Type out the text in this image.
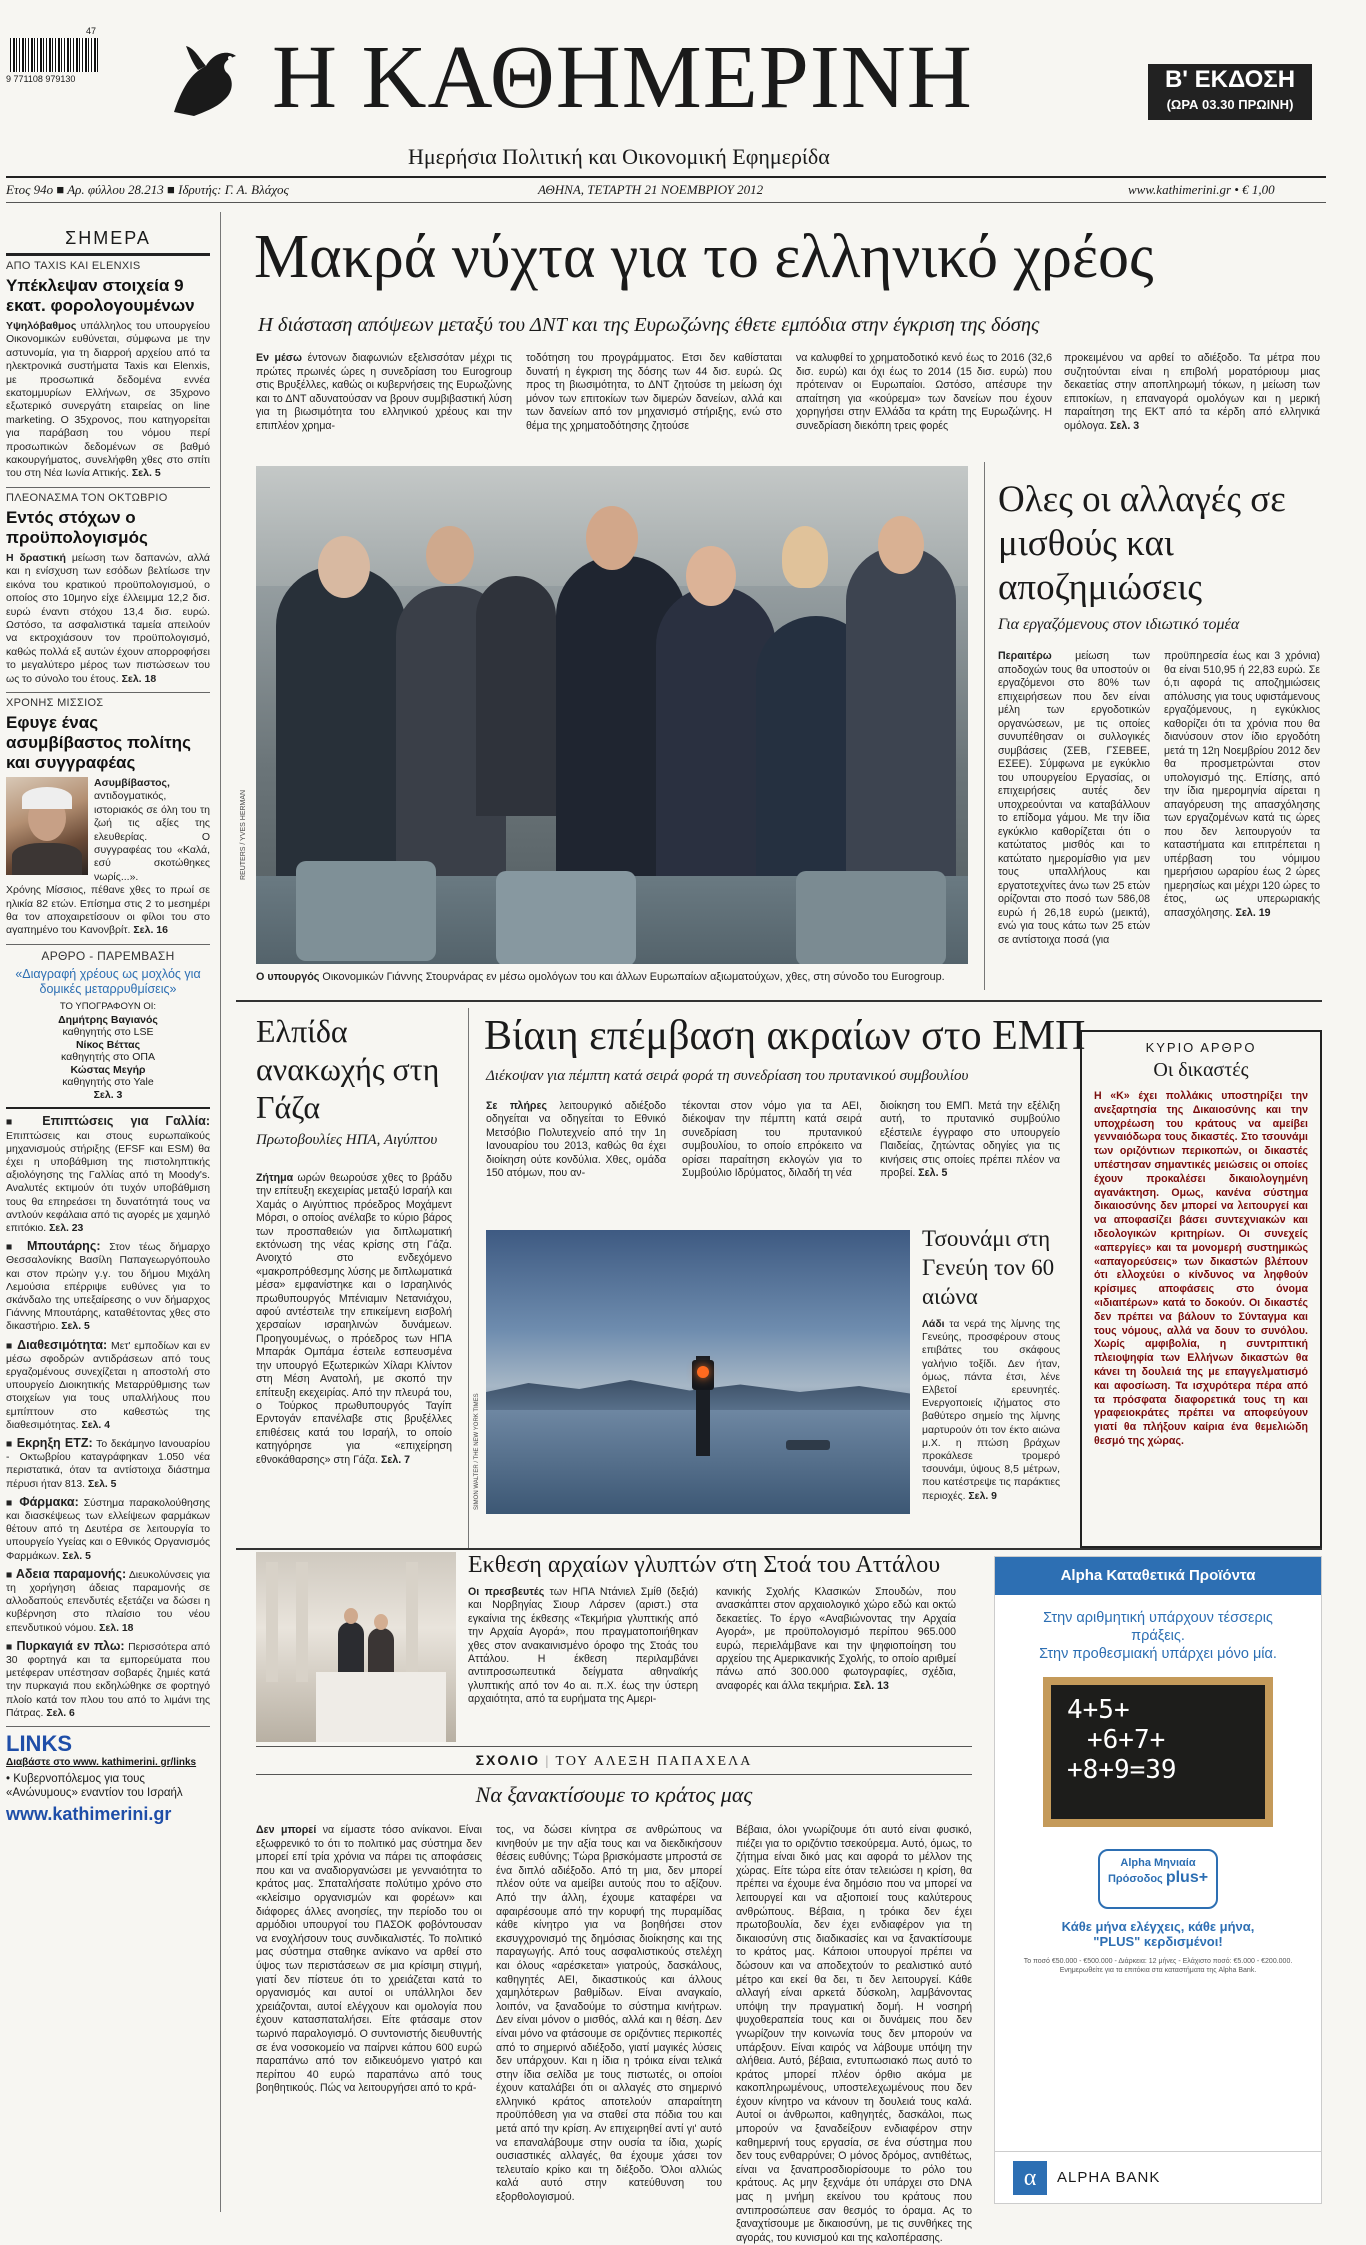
47
9 771108 979130 Η ΚΑΘΗΜΕΡΙΝΗ
Ημερήσια Πολιτική και Οικονομική Εφημερίδα
Β' ΕΚΔΟΣΗ
(ΩΡΑ 03.30 ΠΡΩΙΝΗ)
Ετος 94ο ■ Αρ. φύλλου 28.213 ■ Ιδρυτής: Γ. Α. Βλάχος	ΑΘΗΝΑ, ΤΕΤΑΡΤΗ 21 ΝΟΕΜΒΡΙΟΥ 2012	www.kathimerini.gr • € 1,00
ΣΗΜΕΡΑ
ΑΠΟ TAXIS ΚΑΙ ELENXIS
Υπέκλεψαν στοιχεία 9 εκατ. φορολογουμένων
Υψηλόβαθμος υπάλληλος του υπουργείου Οικονομικών ευθύνεται, σύμφωνα με την αστυνομία, για τη διαρροή αρχείου από τα ηλεκτρονικά συστήματα Taxis και Elenxis, με προσωπικά δεδομένα εννέα εκατομμυρίων Ελλήνων, σε 35χρονο εξωτερικό συνεργάτη εταιρείας on line marketing. Ο 35χρονος, που κατηγορείται για παράβαση του νόμου περί προσωπικών δεδομένων σε βαθμό κακουργήματος, συνελήφθη χθες στο σπίτι του στη Νέα Ιωνία Αττικής. Σελ. 5
ΠΛΕΟΝΑΣΜΑ ΤΟΝ ΟΚΤΩΒΡΙΟ
Εντός στόχων ο προϋπολογισμός
Η δραστική μείωση των δαπανών, αλλά και η ενίσχυση των εσόδων βελτίωσε την εικόνα του κρατικού προϋπολογισμού, ο οποίος στο 10μηνο είχε έλλειμμα 12,2 δισ. ευρώ έναντι στόχου 13,4 δισ. ευρώ. Ωστόσο, τα ασφαλιστικά ταμεία απειλούν να εκτροχιάσουν τον προϋπολογισμό, καθώς πολλά εξ αυτών έχουν απορροφήσει το μεγαλύτερο μέρος των πιστώσεων του ως το σύνολο του έτους. Σελ. 18
ΧΡΟΝΗΣ ΜΙΣΣΙΟΣ
Εφυγε ένας ασυμβίβαστος πολίτης και συγγραφέας
Ασυμβίβαστος, αντιδογματικός, ιστοριακός σε όλη του τη ζωή τις αξίες της ελευθερίας. Ο συγγραφέας του «Καλά, εσύ σκοτώθηκες νωρίς...».
Χρόνης Μίσσιος, πέθανε χθες το πρωί σε ηλικία 82 ετών. Επίσημα στις 2 το μεσημέρι θα τον αποχαιρετίσουν οι φίλοι του στο αγαπημένο του Κανονβρίτ. Σελ. 16
ΑΡΘΡΟ - ΠΑΡΕΜΒΑΣΗ
«Διαγραφή χρέους ως μοχλός για δομικές μεταρρυθμίσεις»
ΤΟ ΥΠΟΓΡΑΦΟΥΝ ΟΙ:
Δημήτρης Βαγιανός
καθηγητής στο LSE
Νίκος Βέττας
καθηγητής στο ΟΠΑ
Κώστας Μεγήρ
καθηγητής στο Yale
Σελ. 3
■ Επιπτώσεις για Γαλλία: Επιπτώσεις και στους ευρωπαϊκούς μηχανισμούς στήριξης (EFSF και ESM) θα έχει η υποβάθμιση της πιστοληπτικής αξιολόγησης της Γαλλίας από τη Moody's. Αναλυτές εκτιμούν ότι τυχόν υποβάθμιση τους θα επηρεάσει τη δυνατότητά τους να αντλούν κεφάλαια από τις αγορές με χαμηλό επιτόκιο. Σελ. 23
■ Μπουτάρης: Στον τέως δήμαρχο Θεσσαλονίκης Βασίλη Παπαγεωργόπουλο και στον πρώην γ.γ. του δήμου Μιχάλη Λεμούσια επέρριψε ευθύνες για το σκάνδαλο της υπεξαίρεσης ο νυν δήμαρχος Γιάννης Μπουτάρης, καταθέτοντας χθες στο δικαστήριο. Σελ. 5
■ Διαθεσιμότητα: Μετ' εμποδίων και εν μέσω σφοδρών αντιδράσεων από τους εργαζομένους συνεχίζεται η αποστολή στο υπουργείο Διοικητικής Μεταρρύθμισης των στοιχείων για τους υπαλλήλους που εμπίπτουν στο καθεστώς της διαθεσιμότητας. Σελ. 4
■ Εκρηξη ΕΤΖ: Το δεκάμηνο Ιανουαρίου - Οκτωβρίου καταγράφηκαν 1.050 νέα περιστατικά, όταν τα αντίστοιχα διάστημα πέρυσι ήταν 813. Σελ. 5
■ Φάρμακα: Σύστημα παρακολούθησης και διασκέψεως των ελλείψεων φαρμάκων θέτουν από τη Δευτέρα σε λειτουργία το υπουργείο Υγείας και ο Εθνικός Οργανισμός Φαρμάκων. Σελ. 5
■ Αδεια παραμονής: Διευκολύνσεις για τη χορήγηση άδειας παραμονής σε αλλοδαπούς επενδυτές εξετάζει να δώσει η κυβέρνηση στο πλαίσιο του νέου επενδυτικού νόμου. Σελ. 18
■ Πυρκαγιά εν πλω: Περισσότερα από 30 φορτηγά και τα εμπορεύματα που μετέφεραν υπέστησαν σοβαρές ζημιές κατά την πυρκαγιά που εκδηλώθηκε σε φορτηγό πλοίο κατά τον πλου του από το λιμάνι της Πάτρας. Σελ. 6
LINKS
Διαβάστε στο www. kathimerini. gr/links
• Κυβερνοπόλεμος για τους «Ανώνυμους» εναντίον του Ισραήλ
www.kathimerini.gr
Μακρά νύχτα για το ελληνικό χρέος
Η διάσταση απόψεων μεταξύ του ΔΝΤ και της Ευρωζώνης έθετε εμπόδια στην έγκριση της δόσης
Εν μέσω έντονων διαφωνιών εξελισσόταν μέχρι τις πρώτες πρωινές ώρες η συνεδρίαση του Eurogroup στις Βρυξέλλες, καθώς οι κυβερνήσεις της Ευρωζώνης και το ΔΝΤ αδυνατούσαν να βρουν συμβιβαστική λύση για τη βιωσιμότητα του ελληνικού χρέους και την επιπλέον χρημα-
τοδότηση του προγράμματος. Ετσι δεν καθίσταται δυνατή η έγκριση της δόσης των 44 δισ. ευρώ. Ως προς τη βιωσιμότητα, το ΔΝΤ ζητούσε τη μείωση όχι μόνον των επιτοκίων των διμερών δανείων, αλλά και των δανείων από τον μηχανισμό στήριξης, ενώ στο θέμα της χρηματοδότησης ζητούσε
να καλυφθεί το χρηματοδοτικό κενό έως το 2016 (32,6 δισ. ευρώ) και όχι έως το 2014 (15 δισ. ευρώ) που πρότειναν οι Ευρωπαίοι. Ωστόσο, απέσυρε την απαίτηση για «κούρεμα» των δανείων που έχουν χορηγήσει στην Ελλάδα τα κράτη της Ευρωζώνης. Η συνεδρίαση διεκόπη τρεις φορές
προκειμένου να αρθεί το αδιέξοδο. Τα μέτρα που συζητούνται είναι η επιβολή μορατόριουμ μιας δεκαετίας στην αποπληρωμή τόκων, η μείωση των επιτοκίων, η επαναγορά ομολόγων και η μερική παραίτηση της ΕΚΤ από τα κέρδη από ελληνικά ομόλογα. Σελ. 3
REUTERS / YVES HERMAN
Ο υπουργός Οικονομικών Γιάννης Στουρνάρας εν μέσω ομολόγων του και άλλων Ευρωπαίων αξιωματούχων, χθες, στη σύνοδο του Eurogroup.
Ολες οι αλλαγές σε μισθούς και αποζημιώσεις
Για εργαζόμενους στον ιδιωτικό τομέα
Περαιτέρω μείωση των αποδοχών τους θα υποστούν οι εργαζόμενοι στο 80% των επιχειρήσεων που δεν είναι μέλη των εργοδοτικών οργανώσεων, με τις οποίες συνυπέθησαν οι συλλογικές συμβάσεις (ΣΕΒ, ΓΣΕΒΕΕ, ΕΣΕΕ). Σύμφωνα με εγκύκλιο του υπουργείου Εργασίας, οι επιχειρήσεις αυτές δεν υποχρεούνται να καταβάλλουν το επίδομα γάμου. Με την ίδια εγκύκλιο καθορίζεται ότι ο κατώτατος μισθός και το κατώτατο ημερομίσθιο για μεν τους υπαλλήλους και εργατοτεχνίτες άνω των 25 ετών ορίζονται στο ποσό των 586,08 ευρώ ή 26,18 ευρώ (μεικτά), ενώ για τους κάτω των 25 ετών σε αντίστοιχα ποσά (για
προϋπηρεσία έως και 3 χρόνια) θα είναι 510,95 ή 22,83 ευρώ. Σε ό,τι αφορά τις αποζημιώσεις απόλυσης για τους υφιστάμενους εργαζόμενους, η εγκύκλιος καθορίζει ότι τα χρόνια που θα διανύσουν στον ίδιο εργοδότη μετά τη 12η Νοεμβρίου 2012 δεν θα προσμετρώνται στον υπολογισμό της. Επίσης, από την ίδια ημερομηνία αίρεται η απαγόρευση της απασχόλησης των εργαζομένων κατά τις ώρες που δεν λειτουργούν τα καταστήματα και επιτρέπεται η υπέρβαση του νόμιμου ημερήσιου ωραρίου έως 2 ώρες ημερησίως και μέχρι 120 ώρες το έτος, ως υπερωριακής απασχόλησης. Σελ. 19
Ελπίδα ανακωχής στη Γάζα
Πρωτοβουλίες ΗΠΑ, Αιγύπτου
Ζήτημα ωρών θεωρούσε χθες το βράδυ την επίτευξη εκεχειρίας μεταξύ Ισραήλ και Χαμάς ο Αιγύπτιος πρόεδρος Μοχάμεντ Μόρσι, ο οποίος ανέλαβε το κύριο βάρος των προσπαθειών για διπλωματική εκτόνωση της νέας κρίσης στη Γάζα. Ανοιχτό στο ενδεχόμενο «μακροπρόθεσμης λύσης με διπλωματικά μέσα» εμφανίστηκε και ο Ισραηλινός πρωθυπουργός Μπένιαμιν Νετανιάχου, αφού αντέστειλε την επικείμενη εισβολή χερσαίων ισραηλινών δυνάμεων. Προηγουμένως, ο πρόεδρος των ΗΠΑ Μπαράκ Ομπάμα έστειλε εσπευσμένα την υπουργό Εξωτερικών Χίλαρι Κλίντον στη Μέση Ανατολή, με σκοπό την επίτευξη εκεχειρίας. Από την πλευρά του, ο Τούρκος πρωθυπουργός Ταγίπ Ερντογάν επανέλαβε στις βρυξέλλες επιθέσεις κατά του Ισραήλ, το οποίο κατηγόρησε για «επιχείρηση εθνοκάθαρσης» στη Γάζα. Σελ. 7
Βίαιη επέμβαση ακραίων στο ΕΜΠ
Διέκοψαν για πέμπτη κατά σειρά φορά τη συνεδρίαση του πρυτανικού συμβουλίου
Σε πλήρες λειτουργικό αδιέξοδο οδηγείται να οδηγείται το Εθνικό Μετσόβιο Πολυτεχνείο από την 1η Ιανουαρίου του 2013, καθώς θα έχει διοίκηση ούτε κονδύλια. Χθες, ομάδα 150 ατόμων, που αν-
τέκονται στον νόμο για τα ΑΕΙ, διέκοψαν την πέμπτη κατά σειρά συνεδρίαση του πρυτανικού συμβουλίου, το οποίο επρόκειτο να ορίσει παραίτηση εκλογών για το Συμβούλιο Ιδρύματος, διλαδή τη νέα
διοίκηση του ΕΜΠ. Μετά την εξέλιξη αυτή, το πρυτανικό συμβούλιο εξέστειλε έγγραφο στο υπουργείο Παιδείας, ζητώντας οδηγίες για τις κινήσεις στις οποίες πρέπει πλέον να προβεί. Σελ. 5
SIMON WALTER / THE NEW YORK TIMES
Τσουνάμι στη Γενεύη τον 60 αιώνα
Λάδι τα νερά της λίμνης της Γενεύης, προσφέρουν στους επιβάτες του σκάφους γαλήνιο τοξίδι. Δεν ήταν, όμως, πάντα έτσι, λένε Ελβετοί ερευνητές. Ενεργοποιείς ιζήματος στο βαθύτερο σημείο της λίμνης μαρτυρούν ότι τον έκτο αιώνα μ.Χ. η πτώση βράχων προκάλεσε τρομερό τσουνάμι, ύψους 8,5 μέτρων, που κατέστρεψε τις παράκτιες περιοχές. Σελ. 9
ΚΥΡΙΟ ΑΡΘΡΟ
Οι δικαστές
Η «Κ» έχει πολλάκις υποστηρίξει την ανεξαρτησία της Δικαιοσύνης και την υποχρέωση του κράτους να αμείβει γενναιόδωρα τους δικαστές. Στο τσουνάμι των οριζόντιων περικοπών, οι δικαστές υπέστησαν σημαντικές μειώσεις οι οποίες έχουν προκαλέσει δικαιολογημένη αγανάκτηση. Ομως, κανένα σύστημα δικαιοσύνης δεν μπορεί να λειτουργεί και να αποφασίζει βάσει συντεχνιακών και ιδεολογικών κριτηρίων. Οι συνεχείς «απεργίες» και τα μονομερή συστημικώς «απαγορεύσεις» των δικαστών βλέπουν ότι ελλοχεύει ο κίνδυνος να ληφθούν κρίσιμες αποφάσεις στο όνομα «ιδιαιτέρων» κατά το δοκούν. Οι δικαστές δεν πρέπει να βάλουν το Σύνταγμα και τους νόμους, αλλά να δουν το συνόλου. Χωρίς αμφιβολία, η συντριπτική πλειοψηφία των Ελλήνων δικαστών θα κάνει τη δουλειά της με επαγγελματισμό και αφοσίωση. Τα ισχυρότερα πέρα από τα πρόσφατα διαφορετικά τους τη και γραφειοκράτες πρέπει να αποφεύγουν γιατί θα πλήξουν καίρια ένα θεμελιώδη θεσμό της χώρας.
Εκθεση αρχαίων γλυπτών στη Στοά του Αττάλου
Οι πρεσβευτές των ΗΠΑ Ντάνιελ Σμίθ (δεξιά) και Νορβηγίας Σιουρ Λάρσεν (αριστ.) στα εγκαίνια της έκθεσης «Τεκμήρια γλυπτικής από την Αρχαία Αγορά», που πραγματοποιήθηκαν χθες στον ανακαινισμένο όροφο της Στοάς του Αττάλου. Η έκθεση περιλαμβάνει αντιπροσωπευτικά δείγματα αθηναϊκής γλυπτικής από τον 4ο αι. π.Χ. έως την ύστερη αρχαιότητα, από τα ευρήματα της Αμερι-
κανικής Σχολής Κλασικών Σπουδών, που ανασκάπτει στον αρχαιολογικό χώρο εδώ και οκτώ δεκαετίες. Το έργο «Αναβιώνοντας την Αρχαία Αγορά», με προϋπολογισμό περίπου 965.000 ευρώ, περιελάμβανε και την ψηφιοποίηση του αρχείου της Αμερικανικής Σχολής, το οποίο αριθμεί πάνω από 300.000 φωτογραφίες, σχέδια, αναφορές και άλλα τεκμήρια. Σελ. 13
ΣΧΟΛΙΟ | ΤΟΥ ΑΛΕΞΗ ΠΑΠΑΧΕΛΑ
Να ξανακτίσουμε το κράτος μας
Δεν μπορεί να είμαστε τόσο ανίκανοι. Είναι εξωφρενικό το ότι το πολιτικό μας σύστημα δεν μπορεί επί τρία χρόνια να πάρει τις αποφάσεις που και να αναδιοργανώσει με γενναιότητα το κράτος μας. Σπαταλήσατε πολύτιμο χρόνο στο «κλείσιμο οργανισμών και φορέων» και διάφορες άλλες ανοησίες, την περίοδο του οι αρμόδιοι υπουργοί του ΠΑΣΟΚ φοβόντουσαν να ενοχλήσουν τους συνδικαλιστές. Το πολιτικό μας σύστημα σταθηκε ανίκανο να αρθεί στο ύψος των περιστάσεων σε μια κρίσιμη στιγμή, γιατί δεν πίστευε ότι το χρειάζεται κατά το οργανισμός και αυτοί οι υπάλληλοι δεν χρειάζονται, αυτοί ελέγχουν και ομολογία που έχουν κατασπαταλήσει. Είτε φτάσαμε στον τωρινό παραλογισμό. Ο συντονιστής διευθυντής σε ένα νοσοκομείο να παίρνει κάπου 600 ευρώ παραπάνω από τον ειδικευόμενο γιατρό και περίπου 40 ευρώ παραπάνω από τους βοηθητικούς. Πώς να λειτουργήσει από το κρά-
τος, να δώσει κίνητρα σε ανθρώπους να κινηθούν με την αξία τους και να διεκδικήσουν θέσεις ευθύνης; Τώρα βρισκόμαστε μπροστά σε ένα διπλό αδιέξοδο. Από τη μια, δεν μπορεί πλέον ούτε να αμείβει αυτούς που το αξίζουν. Από την άλλη, έχουμε καταφέρει να αφαιρέσουμε από την κορυφή της πυραμίδας κάθε κίνητρο για να βοηθήσει στον εκσυγχρονισμό της δημόσιας διοίκησης και της παραγωγής. Από τους ασφαλιστικούς στελέχη και όλους «αρέσκεται» γιατρούς, δασκάλους, καθηγητές ΑΕΙ, δικαστικούς και άλλους χαμηλότερων βαθμίδων. Είναι αναγκαίο, λοιπόν, να ξαναδούμε το σύστημα κινήτρων. Δεν είναι μόνον ο μισθός, αλλά και η θέση. Δεν είναι μόνο να φτάσουμε σε οριζόντιες περικοπές από το σημερινό αδιέξοδο, γιατί μαγικές λύσεις δεν υπάρχουν. Και η ίδια η τρόικα είναι τελικά στην ίδια σελίδα με τους πιστωτές, οι οποίοι έχουν καταλάβει ότι οι αλλαγές στο σημερινό ελληνικό κράτος αποτελούν απαραίτητη προϋπόθεση για να σταθεί στα πόδια του και μετά από την κρίση. Αν επιχειρηθεί αντί γι' αυτό να επαναλάβουμε στην ουσία τα ίδια, χωρίς ουσιαστικές αλλαγές, θα έχουμε χάσει τον τελευταίο κρίκο και τη διέξοδο. Όλοι αλλιώς καλά αυτό στην κατεύθυνση του εξορθολογισμού.
Βέβαια, όλοι γνωρίζουμε ότι αυτό είναι φυσικό, πιέζει για το οριζόντιο τσεκούρεμα. Αυτό, όμως, το ζήτημα είναι δικό μας και αφορά το μέλλον της χώρας. Είτε τώρα είτε όταν τελειώσει η κρίση, θα πρέπει να έχουμε ένα δημόσιο που να μπορεί να λειτουργεί και να αξιοποιεί τους καλύτερους ανθρώπους. Βέβαια, η τρόικα δεν έχει πρωτοβουλία, δεν έχει ενδιαφέρον για τη δικαιοσύνη στις διαδικασίες και να ξανακτίσουμε το κράτος μας. Κάποιοι υπουργοί πρέπει να δώσουν και να αποδεχτούν το ρεαλιστικό αυτό μέτρο και εκεί θα δει, τι δεν λειτουργεί. Κάθε αλλαγή είναι αρκετά δύσκολη, λαμβάνοντας υπόψη την πραγματική δομή. Η νοσηρή ψυχοθεραπεία τους και οι δυνάμεις που δεν γνωρίζουν την κοινωνία τους δεν μπορούν να υπάρξουν. Είναι καιρός να λάβουμε υπόψη την αλήθεια. Αυτό, βέβαια, εντυπωσιακό πως αυτό το κράτος μπορεί πλέον όρθιο ακόμα με κακοπληρωμένους, υποστελεχωμένους που δεν έχουν κίνητρο να κάνουν τη δουλειά τους καλά. Αυτοί οι άνθρωποι, καθηγητές, δασκάλοι, πως μπορούν να ξαναδείξουν ενδιαφέρον στην καθημερινή τους εργασία, σε ένα σύστημα που δεν τους ενθαρρύνει; Ο μόνος δρόμος, αντιθέτως, είναι να ξαναπροσδιορίσουμε το ρόλο του κράτους. Ας μην ξεχνάμε ότι υπάρχει στο DNA μας η μνήμη εκείνου του κράτους που αντιπροσώπευε σαν θεσμός το όραμα. Ας το ξαναχτίσουμε με δικαιοσύνη, με τις συνθήκες της αγοράς, του κυνισμού και της καλοπέρασης.
Alpha Καταθετικά Προϊόντα
Στην αριθμητική υπάρχουν τέσσερις πράξεις.
Στην προθεσμιακή υπάρχει μόνο μία.
4+5+
+6+7+
+8+9=39
Alpha Μηνιαία
Πρόσοδος plus+
Κάθε μήνα ελέγχεις, κάθε μήνα,
"PLUS" κερδισμένοι!
Το ποσό €50.000 - €500.000 - Διάρκεια: 12 μήνες - Ελάχιστο ποσό: €5.000 - €200.000. Ενημερωθείτε για τα επιτόκια στα καταστήματα της Alpha Bank.
α	ALPHA BANK
